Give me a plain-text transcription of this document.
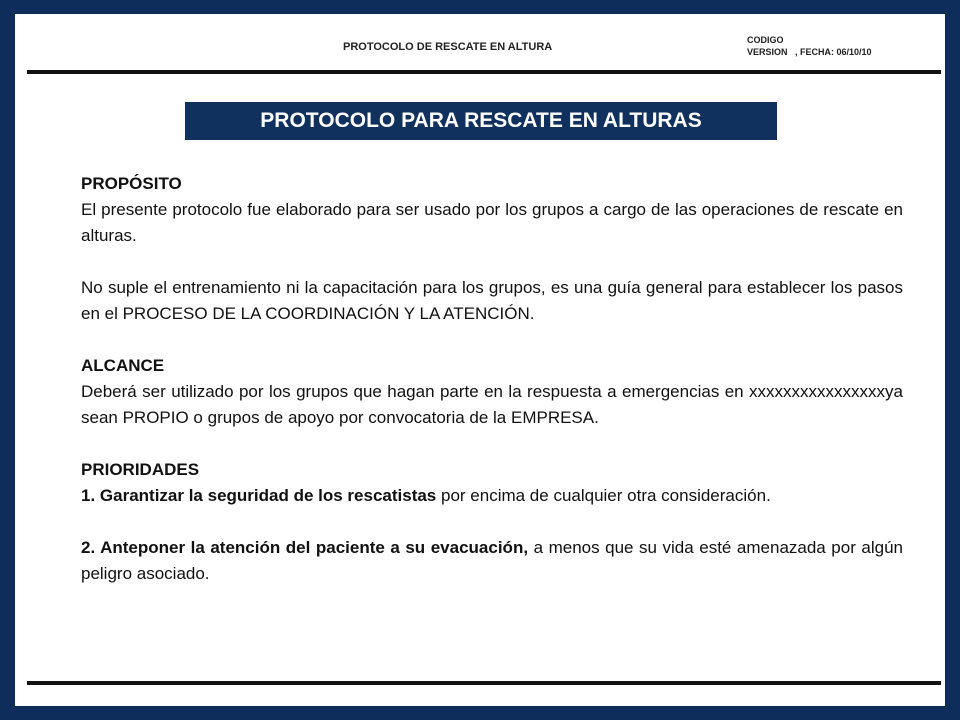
PROTOCOLO DE RESCATE EN ALTURA
CODIGO
VERSION   , FECHA: 06/10/10
PROTOCOLO PARA RESCATE EN ALTURAS

PROPÓSITO

El presente protocolo fue elaborado para ser usado por los grupos a cargo de las operaciones de rescate en alturas.

No suple el entrenamiento ni la capacitación para los grupos, es una guía general para establecer los pasos en el PROCESO DE LA COORDINACIÓN Y LA ATENCIÓN.

ALCANCE

Deberá ser utilizado por los grupos que hagan parte en la respuesta a emergencias en xxxxxxxxxxxxxxxxya sean PROPIO o grupos de apoyo por convocatoria de la EMPRESA.

PRIORIDADES

1. Garantizar la seguridad de los rescatistas por encima de cualquier otra consideración.

2. Anteponer la atención del paciente a su evacuación, a menos que su vida esté amenazada por algún peligro asociado.
